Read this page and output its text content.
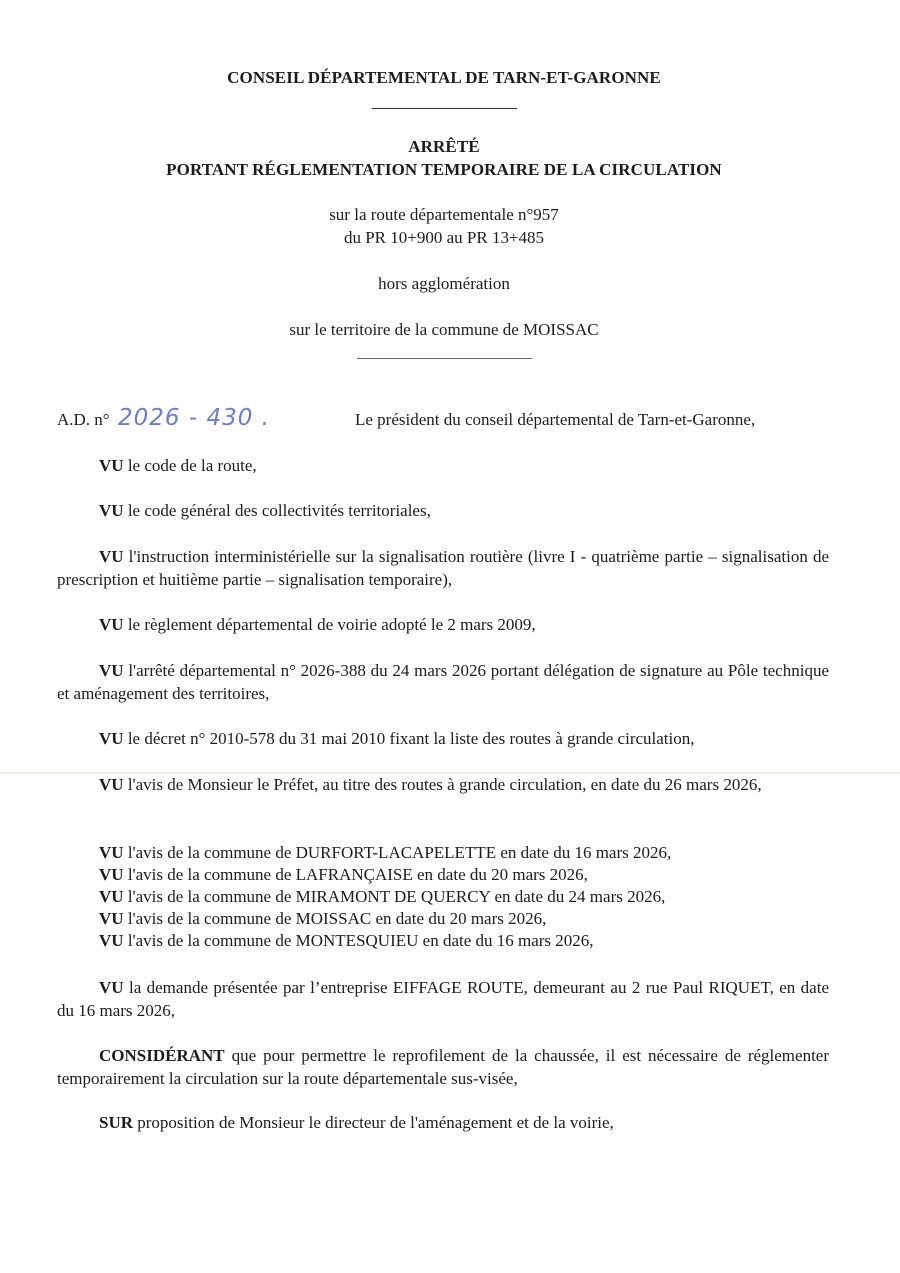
CONSEIL DÉPARTEMENTAL DE TARN-ET-GARONNE
ARRÊTÉ
PORTANT RÉGLEMENTATION TEMPORAIRE DE LA CIRCULATION
sur la route départementale n°957
du PR 10+900 au PR 13+485
hors agglomération
sur le territoire de la commune de MOISSAC
A.D. n° 2026 - 430 .	Le président du conseil départemental de Tarn-et-Garonne,
VU le code de la route,
VU le code général des collectivités territoriales,
VU l'instruction interministérielle sur la signalisation routière (livre I - quatrième partie – signalisation de prescription et huitième partie – signalisation temporaire),
VU le règlement départemental de voirie adopté le 2 mars 2009,
VU l'arrêté départemental n° 2026-388 du 24 mars 2026 portant délégation de signature au Pôle technique et aménagement des territoires,
VU le décret n° 2010-578 du 31 mai 2010 fixant la liste des routes à grande circulation,
VU l'avis de Monsieur le Préfet, au titre des routes à grande circulation, en date du 26 mars 2026,
VU l'avis de la commune de DURFORT-LACAPELETTE en date du 16 mars 2026,
VU l'avis de la commune de LAFRANÇAISE en date du 20 mars 2026,
VU l'avis de la commune de MIRAMONT DE QUERCY en date du 24 mars 2026,
VU l'avis de la commune de MOISSAC en date du 20 mars 2026,
VU l'avis de la commune de MONTESQUIEU en date du 16 mars 2026,
VU la demande présentée par l’entreprise EIFFAGE ROUTE, demeurant au 2 rue Paul RIQUET, en date du 16 mars 2026,
CONSIDÉRANT que pour permettre le reprofilement de la chaussée, il est nécessaire de réglementer temporairement la circulation sur la route départementale sus-visée,
SUR proposition de Monsieur le directeur de l'aménagement et de la voirie,
